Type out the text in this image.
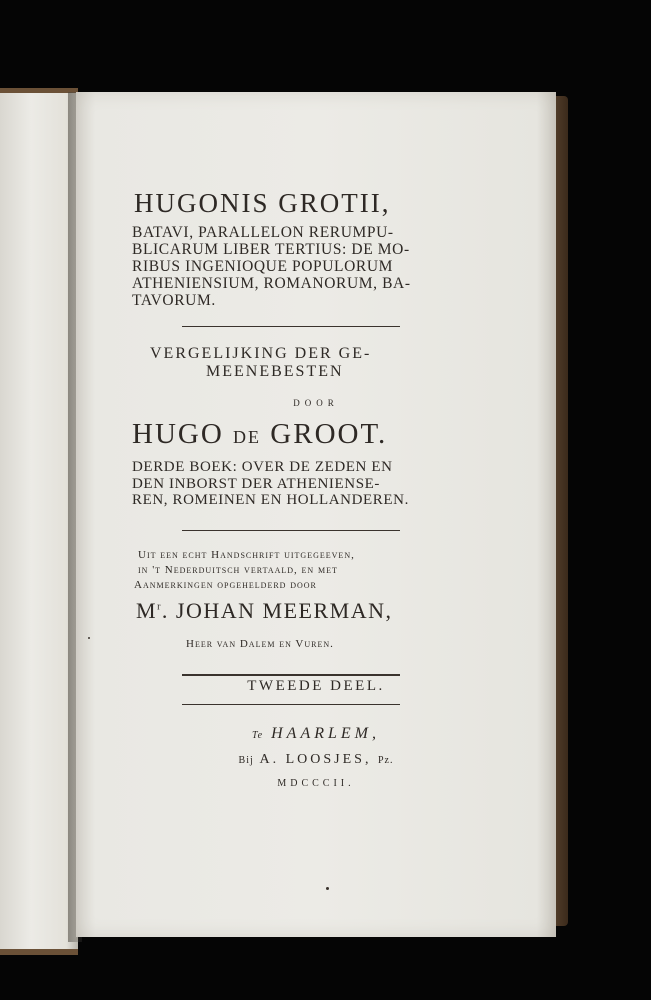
HUGONIS GROTII,
BATAVI, PARALLELON RERUMPU-
BLICARUM LIBER TERTIUS: DE MO-
RIBUS INGENIOQUE POPULORUM
ATHENIENSIUM, ROMANORUM, BA-
TAVORUM.
VERGELIJKING DER GE-
MEENEBESTEN
DOOR
HUGO DE GROOT.
DERDE BOEK: OVER DE ZEDEN EN
DEN INBORST DER ATHENIENSE-
REN, ROMEINEN EN HOLLANDEREN.
Uit een echt Handschrift uitgegeeven,
in 't Nederduitsch vertaald, en met
Aanmerkingen opgehelderd door
$M^r$. JOHAN MEERMAN,
Heer van Dalem en Vuren.
TWEEDE DEEL.
Te HAARLEM,
Bij A. LOOSJES, Pz.
MDCCCII.
